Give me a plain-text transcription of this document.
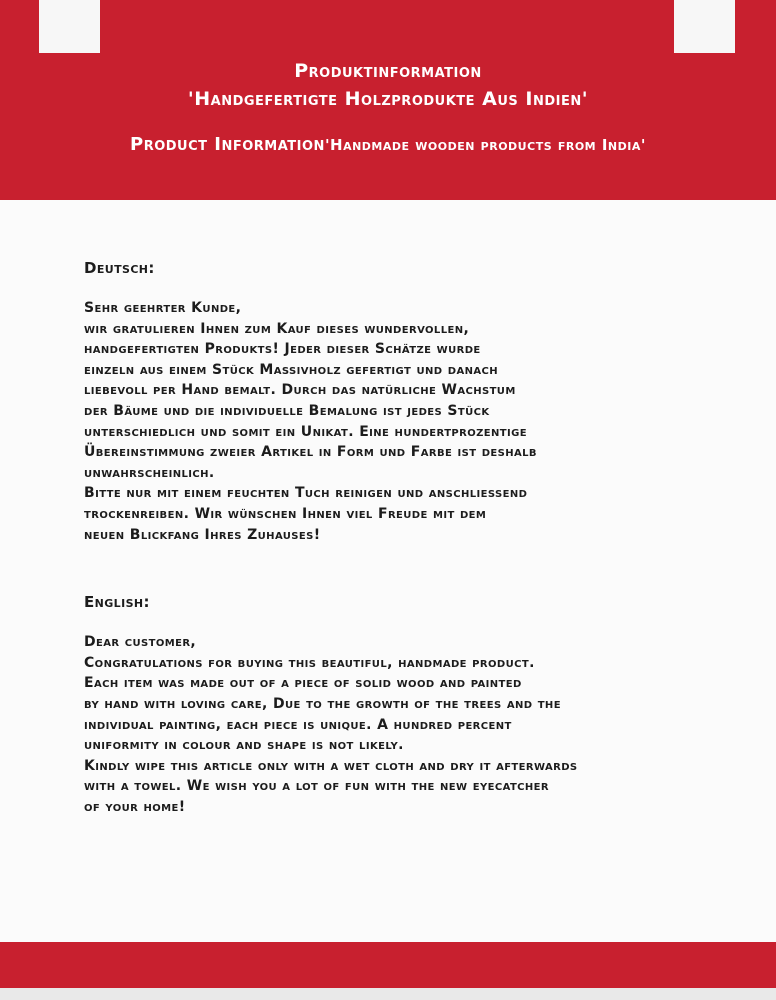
Produktinformation

'Handgefertigte Holzprodukte Aus Indien'

Product Information'Handmade wooden products from India'

Deutsch:

Sehr geehrter Kunde,
wir gratulieren Ihnen zum Kauf dieses wundervollen,
handgefertigten Produkts! Jeder dieser Schätze wurde
einzeln aus einem Stück Massivholz gefertigt und danach
liebevoll per Hand bemalt. Durch das natürliche Wachstum
der Bäume und die individuelle Bemalung ist jedes Stück
unterschiedlich und somit ein Unikat. Eine hundertprozentige
Übereinstimmung zweier Artikel in Form und Farbe ist deshalb
unwahrscheinlich.
Bitte nur mit einem feuchten Tuch reinigen und anschliessend
trockenreiben. Wir wünschen Ihnen viel Freude mit dem
neuen Blickfang Ihres Zuhauses!

English:

Dear customer,
Congratulations for buying this beautiful, handmade product.
Each item was made out of a piece of solid wood and painted
by hand with loving care, Due to the growth of the trees and the
individual painting, each piece is unique. A hundred percent
uniformity in colour and shape is not likely.
Kindly wipe this article only with a wet cloth and dry it afterwards
with a towel. We wish you a lot of fun with the new eyecatcher
of your home!
